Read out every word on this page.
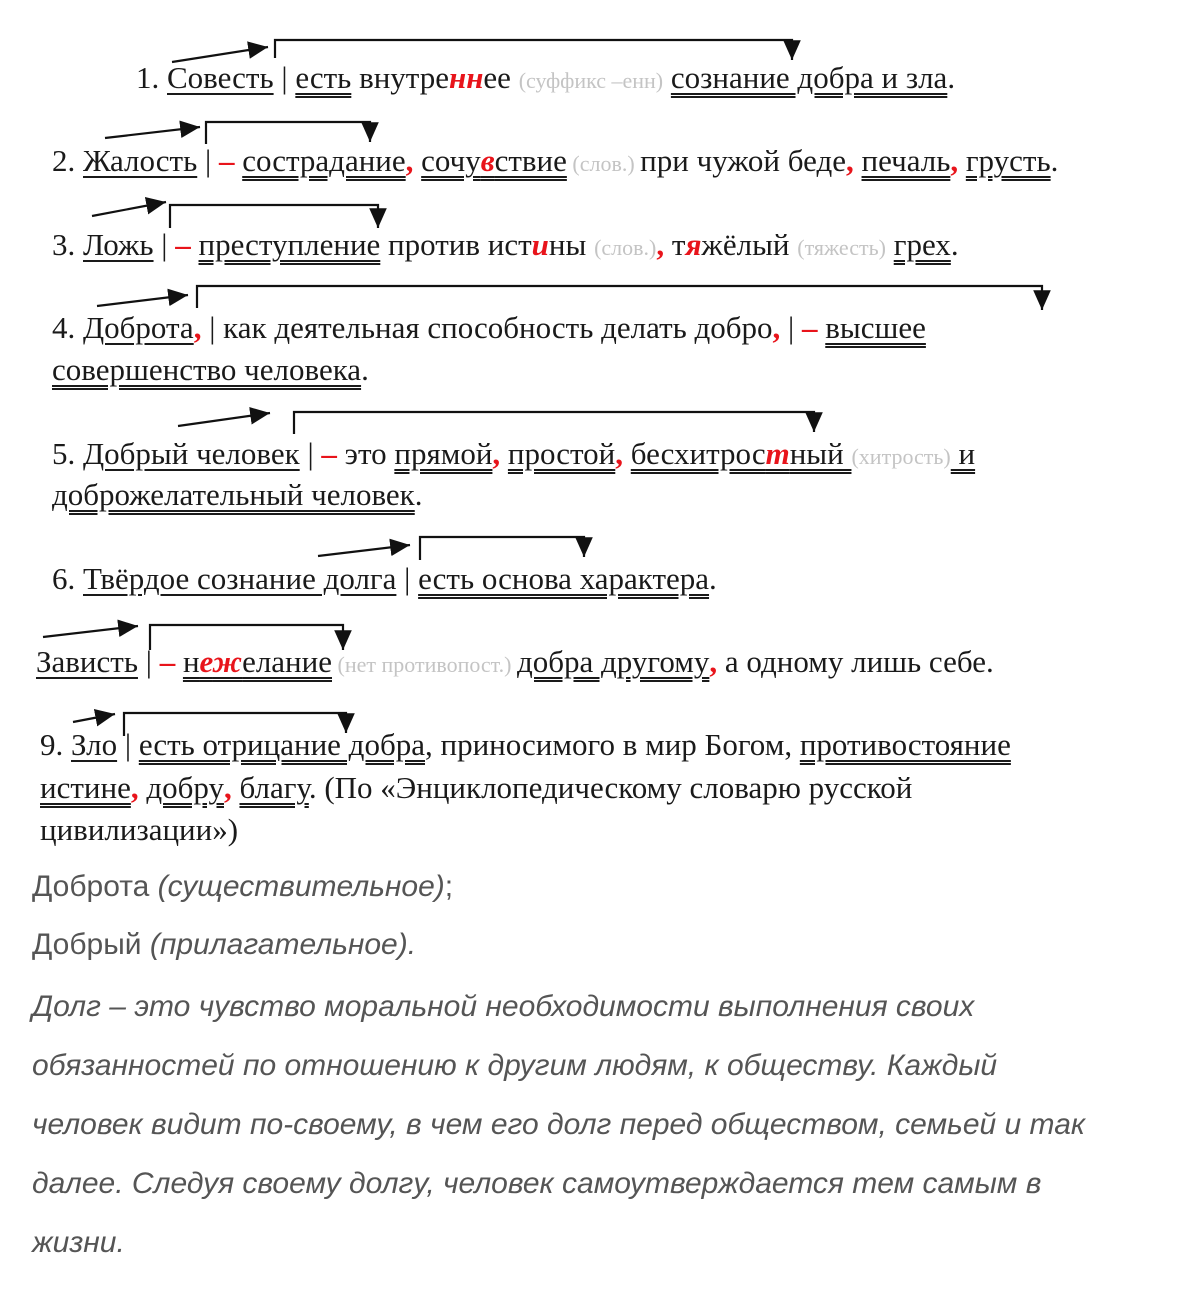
1. Совесть | есть внутреннее (суффикс –енн) сознание добра и зла.
2. Жалость | – сострадание, сочувствие (слов.) при чужой беде, печаль, грусть.
3. Ложь | – преступление против истины (слов.), тяжёлый (тяжесть) грех.
4. Доброта, | как деятельная способность делать добро, | – высшее
совершенство человека.
5. Добрый человек | – это прямой, простой, бесхитростный (хитрость) и
доброжелательный человек.
6. Твёрдое сознание долга | есть основа характера.
Зависть | – нежелание (нет противопост.) добра другому, а одному лишь себе.
9. Зло | есть отрицание добра, приносимого в мир Богом, противостояние
истине, добру, благу. (По «Энциклопедическому словарю русской
цивилизации»)
Доброта (существительное);
Добрый (прилагательное).
Долг – это чувство моральной необходимости выполнения своих
обязанностей по отношению к другим людям, к обществу. Каждый
человек видит по-своему, в чем его долг перед обществом, семьей и так
далее. Следуя своему долгу, человек самоутверждается тем самым в
жизни.
